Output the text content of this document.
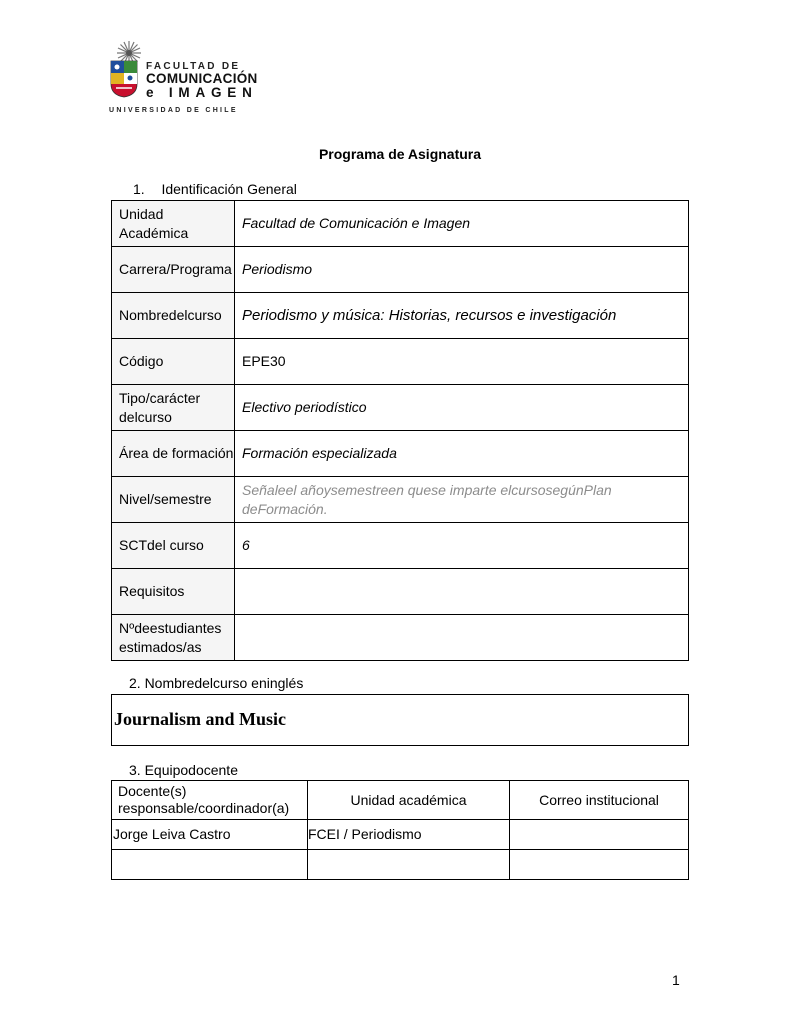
FACULTAD DE
COMUNICACIÓN
e IMAGEN
UNIVERSIDAD DE CHILE
Programa de Asignatura
1. Identificación General
Unidad Académica	Facultad de Comunicación e Imagen
Carrera/Programa	Periodismo
Nombredelcurso	Periodismo y música: Historias, recursos e investigación
Código	EPE30
Tipo/carácter delcurso	Electivo periodístico
Área de formación	Formación especializada
Nivel/semestre	Señaleel añoysemestreen quese imparte elcursosegúnPlan deFormación.
SCTdel curso	6
Requisitos	
Nºdeestudiantes estimados/as	
2. Nombredelcurso eninglés
Journalism and Music
3. Equipodocente
Docente(s) responsable/coordinador(a)	Unidad académica	Correo institucional
Jorge Leiva Castro	FCEI / Periodismo	

1
